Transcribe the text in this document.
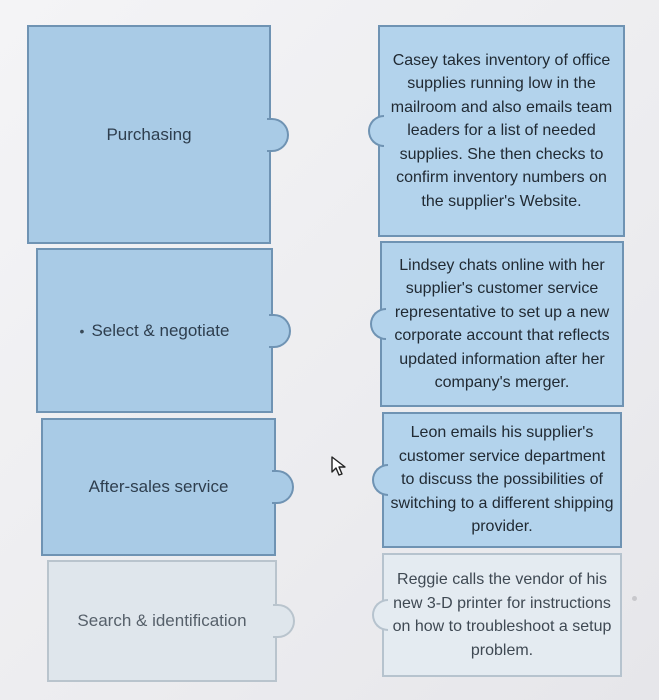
Purchasing
• Select & negotiate
After-sales service
Search & identification
Casey takes inventory of office supplies running low in the mailroom and also emails team leaders for a list of needed supplies. She then checks to confirm inventory numbers on the supplier's Website.
Lindsey chats online with her supplier's customer service representative to set up a new corporate account that reflects updated information after her company's merger.
Leon emails his supplier's customer service department to discuss the possibilities of switching to a different shipping provider.
Reggie calls the vendor of his new 3-D printer for instructions on how to troubleshoot a setup problem.
